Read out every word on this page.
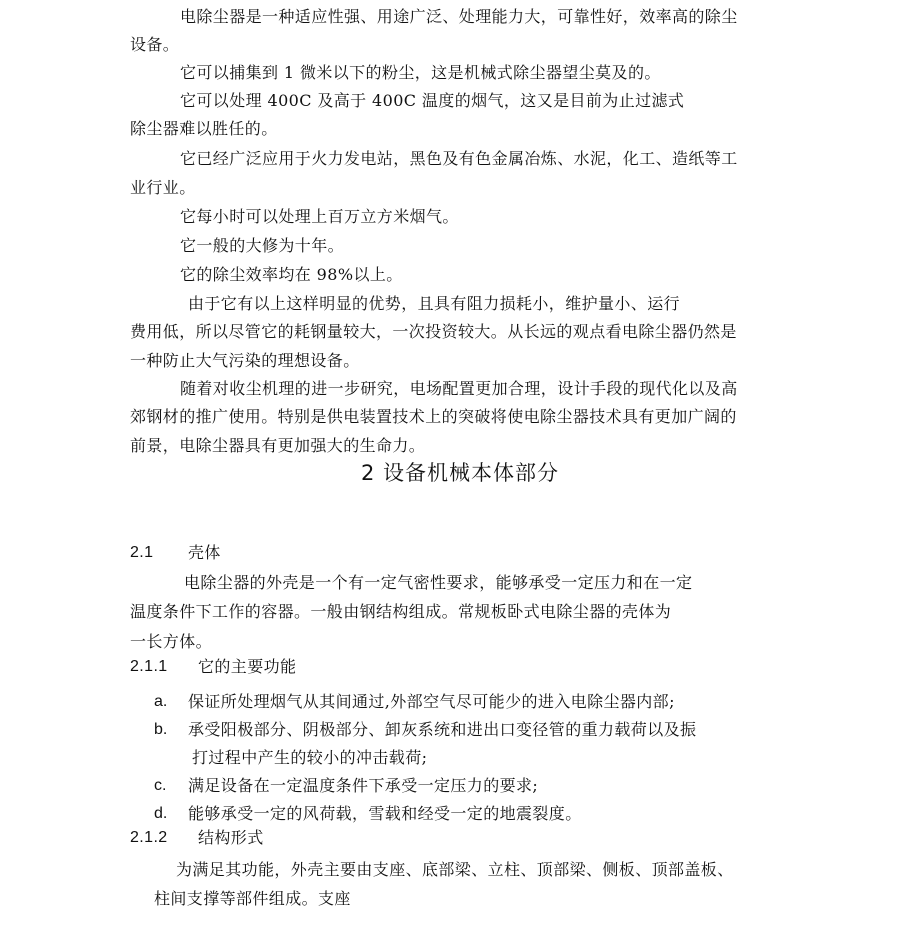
电除尘器是一种适应性强、用途广泛、处理能力大，可靠性好，效率高的除尘
设备。
它可以捕集到 1 微米以下的粉尘，这是机械式除尘器望尘莫及的。
它可以处理 400C 及高于 400C 温度的烟气，这又是目前为止过滤式
除尘器难以胜任的。
它已经广泛应用于火力发电站，黑色及有色金属冶炼、水泥，化工、造纸等工
业行业。
它每小时可以处理上百万立方米烟气。
它一般的大修为十年。
它的除尘效率均在 98%以上。
由于它有以上这样明显的优势，且具有阻力损耗小，维护量小、运行
费用低，所以尽管它的耗钢量较大，一次投资较大。从长远的观点看电除尘器仍然是
一种防止大气污染的理想设备。
随着对收尘机理的进一步研究，电场配置更加合理，设计手段的现代化以及高
郊钢材的推广使用。特别是供电装置技术上的突破将使电除尘器技术具有更加广阔的
前景，电除尘器具有更加强大的生命力。
2 设备机械本体部分
2.1 壳体
电除尘器的外壳是一个有一定气密性要求，能够承受一定压力和在一定
温度条件下工作的容器。一般由钢结构组成。常规板卧式电除尘器的壳体为
一长方体。
2.1.1 它的主要功能
a. 保证所处理烟气从其间通过,外部空气尽可能少的进入电除尘器内部;
b. 承受阳极部分、阴极部分、卸灰系统和进出口变径管的重力载荷以及振
打过程中产生的较小的冲击载荷;
c. 满足设备在一定温度条件下承受一定压力的要求;
d. 能够承受一定的风荷载，雪载和经受一定的地震裂度。
2.1.2 结构形式
为满足其功能，外壳主要由支座、底部梁、立柱、顶部梁、侧板、顶部盖板、
柱间支撑等部件组成。支座
